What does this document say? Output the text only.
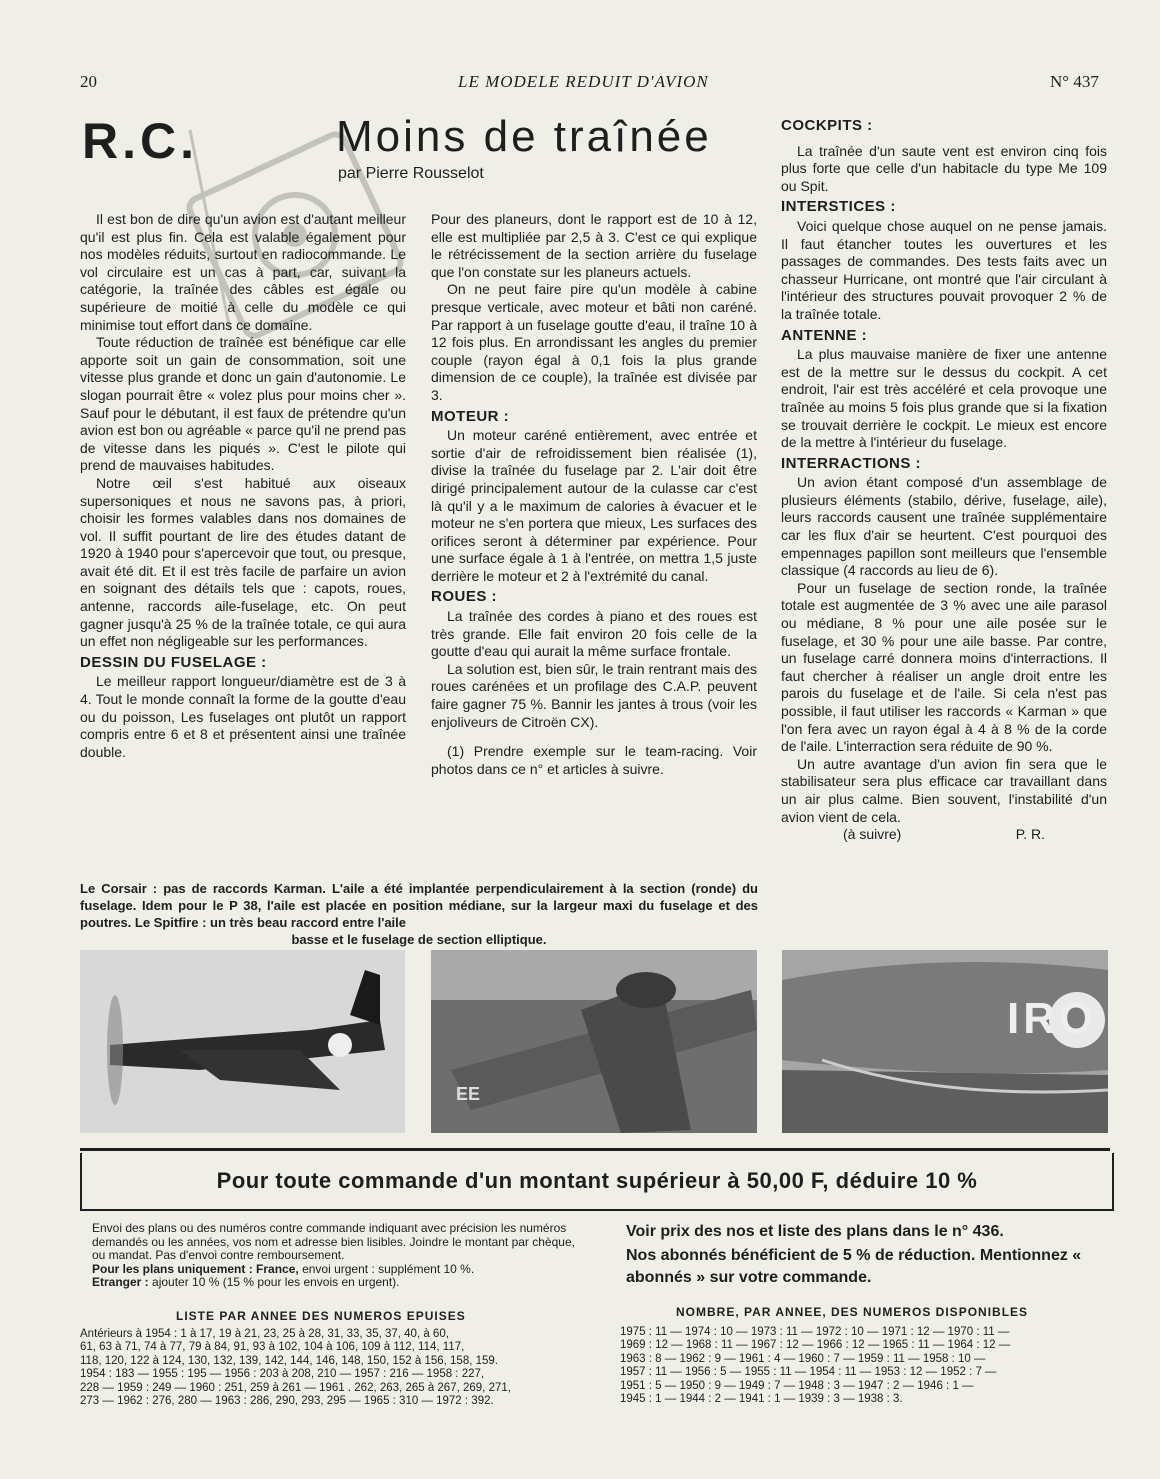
20	LE MODELE REDUIT D'AVION	N° 437
R.C.	Moins de traînée
par Pierre Rousselot

Il est bon de dire qu'un avion est d'autant meilleur qu'il est plus fin. Cela est valable également pour nos modèles réduits, surtout en radiocommande. Le vol circulaire est un cas à part, car, suivant la catégorie, la traînée des câbles est égale ou supérieure de moitié à celle du modèle ce qui minimise tout effort dans ce domaine.

Toute réduction de traînée est bénéfique car elle apporte soit un gain de consommation, soit une vitesse plus grande et donc un gain d'autonomie. Le slogan pourrait être « volez plus pour moins cher ». Sauf pour le débutant, il est faux de prétendre qu'un avion est bon ou agréable « parce qu'il ne prend pas de vitesse dans les piqués ». C'est le pilote qui prend de mauvaises habitudes.

Notre œil s'est habitué aux oiseaux supersoniques et nous ne savons pas, à priori, choisir les formes valables dans nos domaines de vol. Il suffit pourtant de lire des études datant de 1920 à 1940 pour s'apercevoir que tout, ou presque, avait été dit. Et il est très facile de parfaire un avion en soignant des détails tels que : capots, roues, antenne, raccords aile-fuselage, etc. On peut gagner jusqu'à 25 % de la traînée totale, ce qui aura un effet non négligeable sur les performances.

DESSIN DU FUSELAGE :

Le meilleur rapport longueur/diamètre est de 3 à 4. Tout le monde connaît la forme de la goutte d'eau ou du poisson, Les fuselages ont plutôt un rapport compris entre 6 et 8 et présentent ainsi une traînée double.

Pour des planeurs, dont le rapport est de 10 à 12, elle est multipliée par 2,5 à 3. C'est ce qui explique le rétrécissement de la section arrière du fuselage que l'on constate sur les planeurs actuels.

On ne peut faire pire qu'un modèle à cabine presque verticale, avec moteur et bâti non caréné. Par rapport à un fuselage goutte d'eau, il traîne 10 à 12 fois plus. En arrondissant les angles du premier couple (rayon égal à 0,1 fois la plus grande dimension de ce couple), la traînée est divisée par 3.

MOTEUR :

Un moteur caréné entièrement, avec entrée et sortie d'air de refroidissement bien réalisée (1), divise la traînée du fuselage par 2. L'air doit être dirigé principalement autour de la culasse car c'est là qu'il y a le maximum de calories à évacuer et le moteur ne s'en portera que mieux, Les surfaces des orifices seront à déterminer par expérience. Pour une surface égale à 1 à l'entrée, on mettra 1,5 juste derrière le moteur et 2 à l'extrémité du canal.

ROUES :

La traînée des cordes à piano et des roues est très grande. Elle fait environ 20 fois celle de la goutte d'eau qui aurait la même surface frontale.

La solution est, bien sûr, le train rentrant mais des roues carénées et un profilage des C.A.P. peuvent faire gagner 75 %. Bannir les jantes à trous (voir les enjoliveurs de Citroën CX).

(1) Prendre exemple sur le team-racing. Voir photos dans ce n° et articles à suivre.

COCKPITS :

La traînée d'un saute vent est environ cinq fois plus forte que celle d'un habitacle du type Me 109 ou Spit.

INTERSTICES :

Voici quelque chose auquel on ne pense jamais. Il faut étancher toutes les ouvertures et les passages de commandes. Des tests faits avec un chasseur Hurricane, ont montré que l'air circulant à l'intérieur des structures pouvait provoquer 2 % de la traînée totale.

ANTENNE :

La plus mauvaise manière de fixer une antenne est de la mettre sur le dessus du cockpit. A cet endroit, l'air est très accéléré et cela provoque une traînée au moins 5 fois plus grande que si la fixation se trouvait derrière le cockpit. Le mieux est encore de la mettre à l'intérieur du fuselage.

INTERRACTIONS :

Un avion étant composé d'un assemblage de plusieurs éléments (stabilo, dérive, fuselage, aile), leurs raccords causent une traînée supplémentaire car les flux d'air se heurtent. C'est pourquoi des empennages papillon sont meilleurs que l'ensemble classique (4 raccords au lieu de 6).

Pour un fuselage de section ronde, la traînée totale est augmentée de 3 % avec une aile parasol ou médiane, 8 % pour une aile posée sur le fuselage, et 30 % pour une aile basse. Par contre, un fuselage carré donnera moins d'interractions. Il faut chercher à réaliser un angle droit entre les parois du fuselage et de l'aile. Si cela n'est pas possible, il faut utiliser les raccords « Karman » que l'on fera avec un rayon égal à 4 à 8 % de la corde de l'aile. L'interraction sera réduite de 90 %.

Un autre avantage d'un avion fin sera que le stabilisateur sera plus efficace car travaillant dans un air plus calme. Bien souvent, l'instabilité d'un avion vient de cela.

(à suivre)	P. R.
Le Corsair : pas de raccords Karman. L'aile a été implantée perpendiculairement à la section (ronde) du fuselage. Idem pour le P 38, l'aile est placée en position médiane, sur la largeur maxi du fuselage et des poutres. Le Spitfire : un très beau raccord entre l'aile
basse et le fuselage de section elliptique.
EE
IRO
Pour toute commande d'un montant supérieur à 50,00 F, déduire 10 %

Envoi des plans ou des numéros contre commande indiquant avec précision les numéros demandés ou les années, vos nom et adresse bien lisibles. Joindre le montant par chèque, ou mandat. Pas d'envoi contre remboursement.

Pour les plans uniquement : France, envoi urgent : supplément 10 %.

Etranger : ajouter 10 % (15 % pour les envois en urgent).

Voir prix des nos et liste des plans dans le n° 436.
Nos abonnés bénéficient de 5 % de réduction. Mentionnez « abonnés » sur votre commande.
LISTE PAR ANNEE DES NUMEROS EPUISES
Antérieurs à 1954 : 1 à 17, 19 à 21, 23, 25 à 28, 31, 33, 35, 37, 40, à 60,
61, 63 à 71, 74 à 77, 79 à 84, 91, 93 à 102, 104 à 106, 109 à 112, 114, 117,
118, 120, 122 à 124, 130, 132, 139, 142, 144, 146, 148, 150, 152 à 156, 158, 159.
1954 : 183 — 1955 : 195 — 1956 : 203 à 208, 210 — 1957 : 216 — 1958 : 227,
228 — 1959 : 249 — 1960 : 251, 259 à 261 — 1961 . 262, 263, 265 à 267, 269, 271,
273 — 1962 : 276, 280 — 1963 : 286, 290, 293, 295 — 1965 : 310 — 1972 : 392.
NOMBRE, PAR ANNEE, DES NUMEROS DISPONIBLES
1975 : 11 — 1974 : 10 — 1973 : 11 — 1972 : 10 — 1971 : 12 — 1970 : 11 —
1969 : 12 — 1968 : 11 — 1967 : 12 — 1966 : 12 — 1965 : 11 — 1964 : 12 —
1963 : 8 — 1962 : 9 — 1961 : 4 — 1960 : 7 — 1959 : 11 — 1958 : 10 —
1957 : 11 — 1956 : 5 — 1955 : 11 — 1954 : 11 — 1953 : 12 — 1952 : 7 —
1951 : 5 — 1950 : 9 — 1949 : 7 — 1948 : 3 — 1947 : 2 — 1946 : 1 —
1945 : 1 — 1944 : 2 — 1941 : 1 — 1939 : 3 — 1938 : 3.
